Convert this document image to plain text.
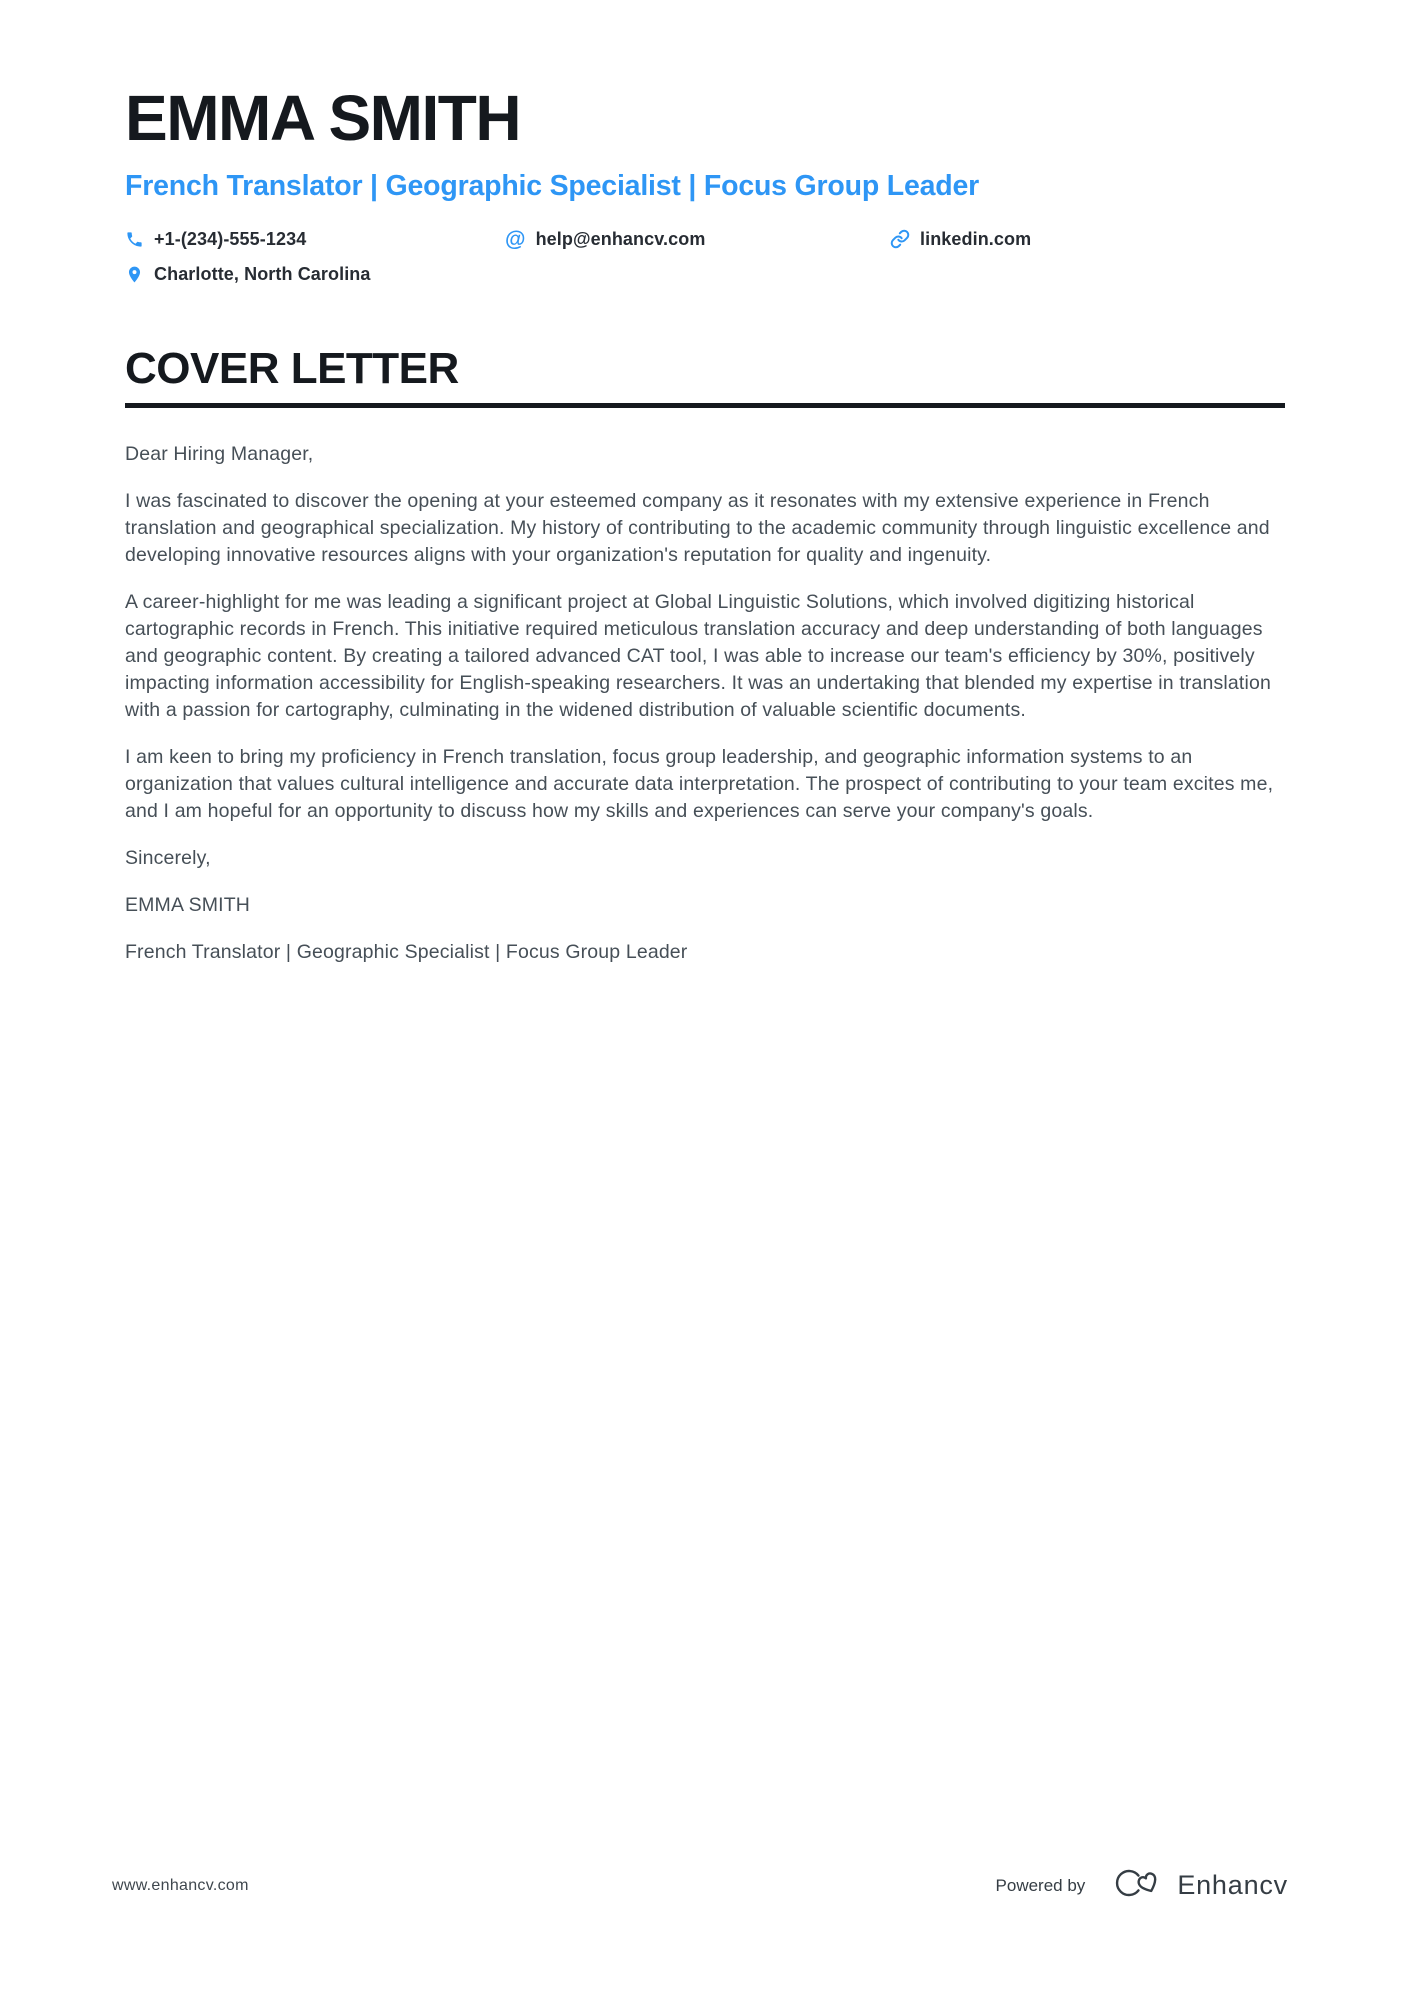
EMMA SMITH
French Translator | Geographic Specialist | Focus Group Leader
+1-(234)-555-1234	@ help@enhancv.com	linkedin.com
Charlotte, North Carolina
COVER LETTER

Dear Hiring Manager,

I was fascinated to discover the opening at your esteemed company as it resonates with my extensive experience in French translation and geographical specialization. My history of contributing to the academic community through linguistic excellence and developing innovative resources aligns with your organization's reputation for quality and ingenuity.

A career-highlight for me was leading a significant project at Global Linguistic Solutions, which involved digitizing historical cartographic records in French. This initiative required meticulous translation accuracy and deep understanding of both languages and geographic content. By creating a tailored advanced CAT tool, I was able to increase our team's efficiency by 30%, positively impacting information accessibility for English-speaking researchers. It was an undertaking that blended my expertise in translation with a passion for cartography, culminating in the widened distribution of valuable scientific documents.

I am keen to bring my proficiency in French translation, focus group leadership, and geographic information systems to an organization that values cultural intelligence and accurate data interpretation. The prospect of contributing to your team excites me, and I am hopeful for an opportunity to discuss how my skills and experiences can serve your company's goals.

Sincerely,

EMMA SMITH

French Translator | Geographic Specialist | Focus Group Leader

www.enhancv.com	Powered by	Enhancv
